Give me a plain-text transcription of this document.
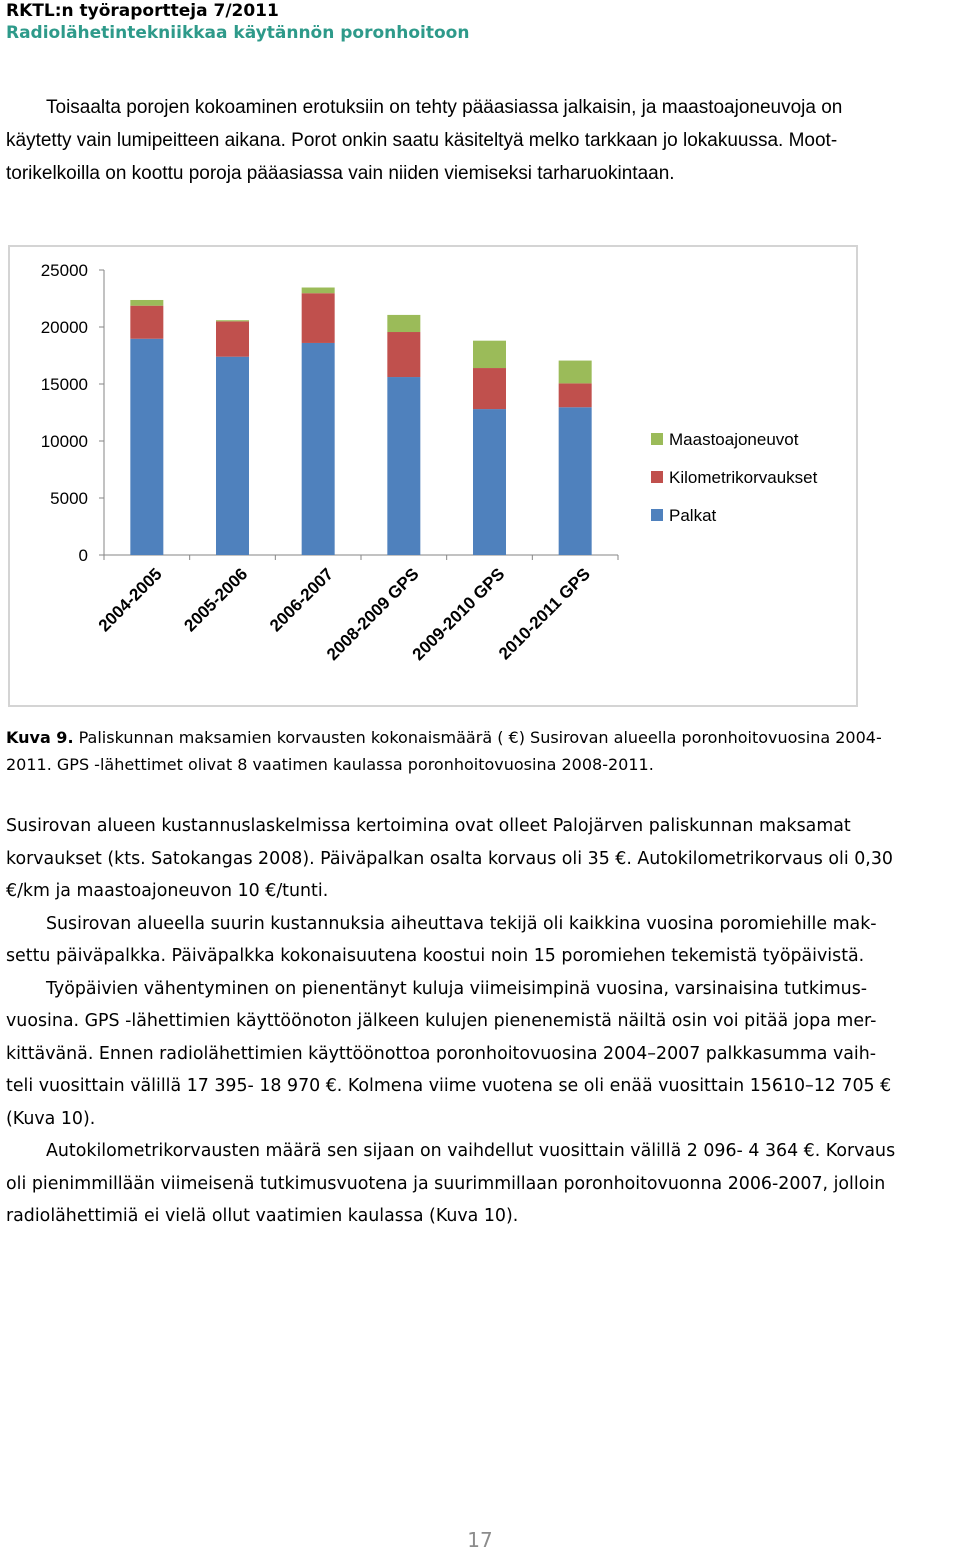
RKTL:n työraportteja 7/2011
Radiolähetintekniikkaa käytännön poronhoitoon

Toisaalta porojen kokoaminen erotuksiin on tehty pääasiassa jalkaisin, ja maastoajoneuvoja on

käytetty vain lumipeitteen aikana. Porot onkin saatu käsiteltyä melko tarkkaan jo lokakuussa. Moot-

torikelkoilla on koottu poroja pääasiassa vain niiden viemiseksi tarharuokintaan.

0
5000
10000
15000
20000
25000
2004-2005 2005-2006 2006-2007
2008-2009 GPS
2009-2010 GPS
2010-2011 GPS
Maastoajoneuvot
Kilometrikorvaukset
Palkat

Kuva 9. Paliskunnan maksamien korvausten kokonaismäärä ( €) Susirovan alueella poronhoitovuosina 2004-

2011. GPS -lähettimet olivat 8 vaatimen kaulassa poronhoitovuosina 2008-2011.

Susirovan alueen kustannuslaskelmissa kertoimina ovat olleet Palojärven paliskunnan maksamat

korvaukset (kts. Satokangas 2008). Päiväpalkan osalta korvaus oli 35 €. Autokilometrikorvaus oli 0,30

€/km ja maastoajoneuvon 10 €/tunti.

Susirovan alueella suurin kustannuksia aiheuttava tekijä oli kaikkina vuosina poromiehille mak-

settu päiväpalkka. Päiväpalkka kokonaisuutena koostui noin 15 poromiehen tekemistä työpäivistä.

Työpäivien vähentyminen on pienentänyt kuluja viimeisimpinä vuosina, varsinaisina tutkimus-

vuosina. GPS -lähettimien käyttöönoton jälkeen kulujen pienenemistä näiltä osin voi pitää jopa mer-

kittävänä. Ennen radiolähettimien käyttöönottoa poronhoitovuosina 2004–2007 palkkasumma vaih-

teli vuosittain välillä 17 395- 18 970 €. Kolmena viime vuotena se oli enää vuosittain 15610–12 705 €

(Kuva 10).

Autokilometrikorvausten määrä sen sijaan on vaihdellut vuosittain välillä 2 096- 4 364 €. Korvaus

oli pienimmillään viimeisenä tutkimusvuotena ja suurimmillaan poronhoitovuonna 2006-2007, jolloin

radiolähettimiä ei vielä ollut vaatimien kaulassa (Kuva 10).

17
